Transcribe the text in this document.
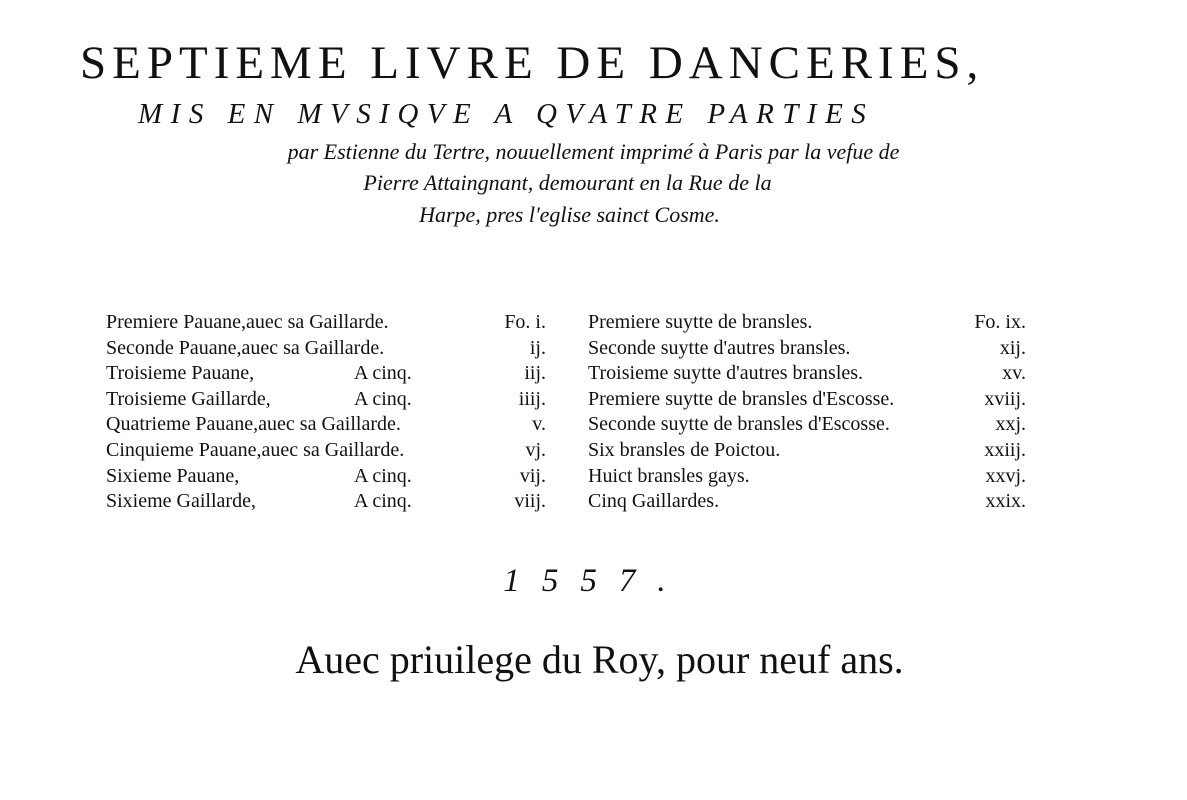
SEPTIEME LIVRE DE DANCERIES,
MIS EN MVSIQVE A QVATRE PARTIES
par Estienne du Tertre, nouuellement imprimé à Paris par la vefue de
Pierre Attaingnant, demourant en la Rue de la
Harpe, pres l'eglise sainct Cosme.
Premiere Pauane,auec sa Gaillarde.	Fo. i.
Seconde Pauane,auec sa Gaillarde.	ij.
Troisieme Pauane,	A cinq.	iij.
Troisieme Gaillarde,	A cinq.	iiij.
Quatrieme Pauane,auec sa Gaillarde.	v.
Cinquieme Pauane,auec sa Gaillarde.	vj.
Sixieme Pauane,	A cinq.	vij.
Sixieme Gaillarde,	A cinq.	viij.
Premiere suytte de bransles.	Fo. ix.
Seconde suytte d'autres bransles.	xij.
Troisieme suytte d'autres bransles.	xv.
Premiere suytte de bransles d'Escosse.	xviij.
Seconde suytte de bransles d'Escosse.	xxj.
Six bransles de Poictou.	xxiij.
Huict bransles gays.	xxvj.
Cinq Gaillardes.	xxix.
1557.
Auec priuilege du Roy, pour neuf ans.
